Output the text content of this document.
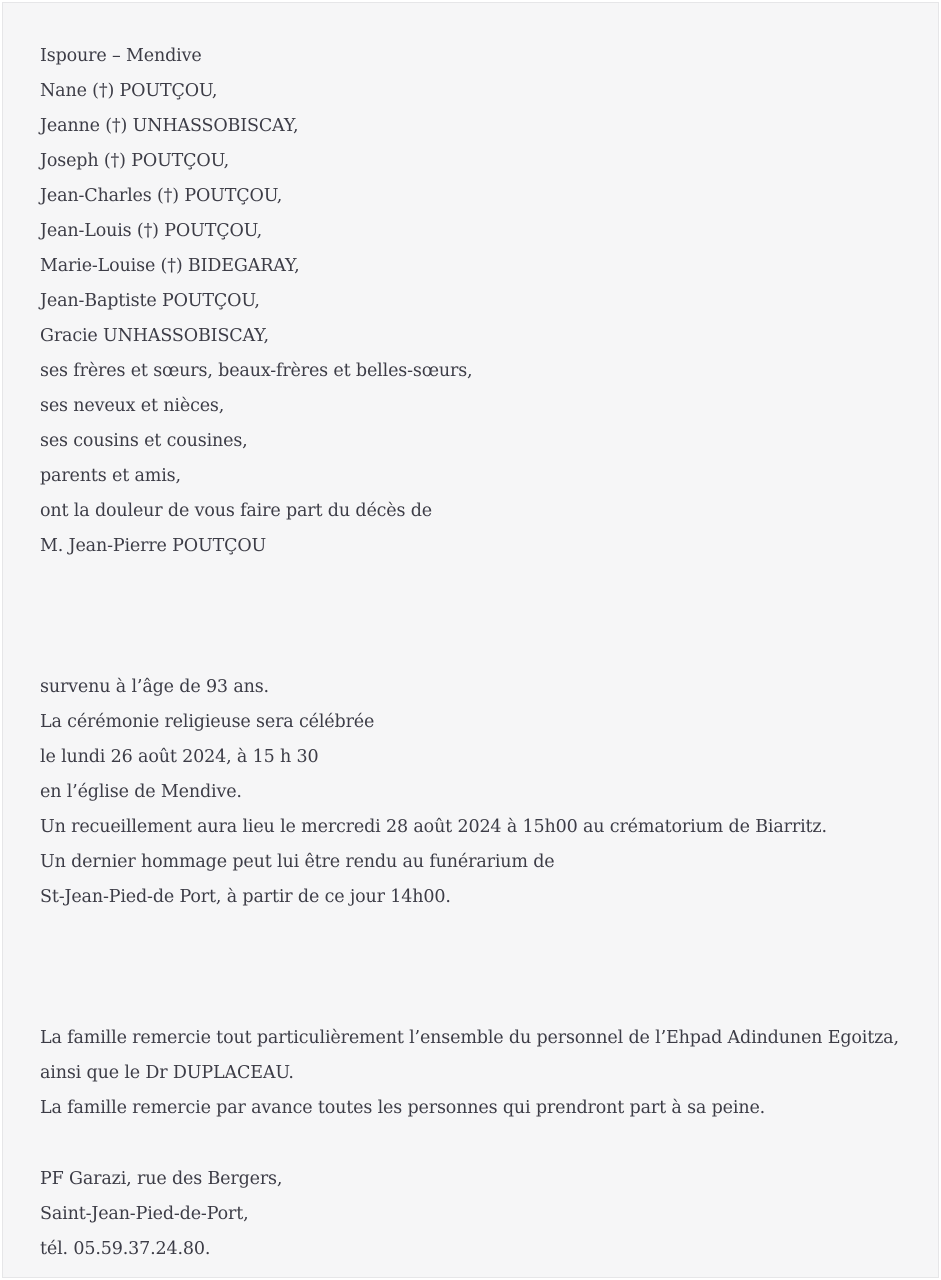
Ispoure – Mendive
Nane (†) POUTÇOU,
Jeanne (†) UNHASSOBISCAY,
Joseph (†) POUTÇOU,
Jean-Charles (†) POUTÇOU,
Jean-Louis (†) POUTÇOU,
Marie-Louise (†) BIDEGARAY,
Jean-Baptiste POUTÇOU,
Gracie UNHASSOBISCAY,
ses frères et sœurs, beaux-frères et belles-sœurs,
ses neveux et nièces,
ses cousins et cousines,
parents et amis,
ont la douleur de vous faire part du décès de
M. Jean-Pierre POUTÇOU
survenu à l’âge de 93 ans.
La cérémonie religieuse sera célébrée
le lundi 26 août 2024, à 15 h 30
en l’église de Mendive.
Un recueillement aura lieu le mercredi 28 août 2024 à 15h00 au crématorium de Biarritz.
Un dernier hommage peut lui être rendu au funérarium de
St-Jean-Pied-de Port, à partir de ce jour 14h00.
La famille remercie tout particulièrement l’ensemble du personnel de l’Ehpad Adindunen Egoitza,
ainsi que le Dr DUPLACEAU.
La famille remercie par avance toutes les personnes qui prendront part à sa peine.
PF Garazi, rue des Bergers,
Saint-Jean-Pied-de-Port,
tél. 05.59.37.24.80.
